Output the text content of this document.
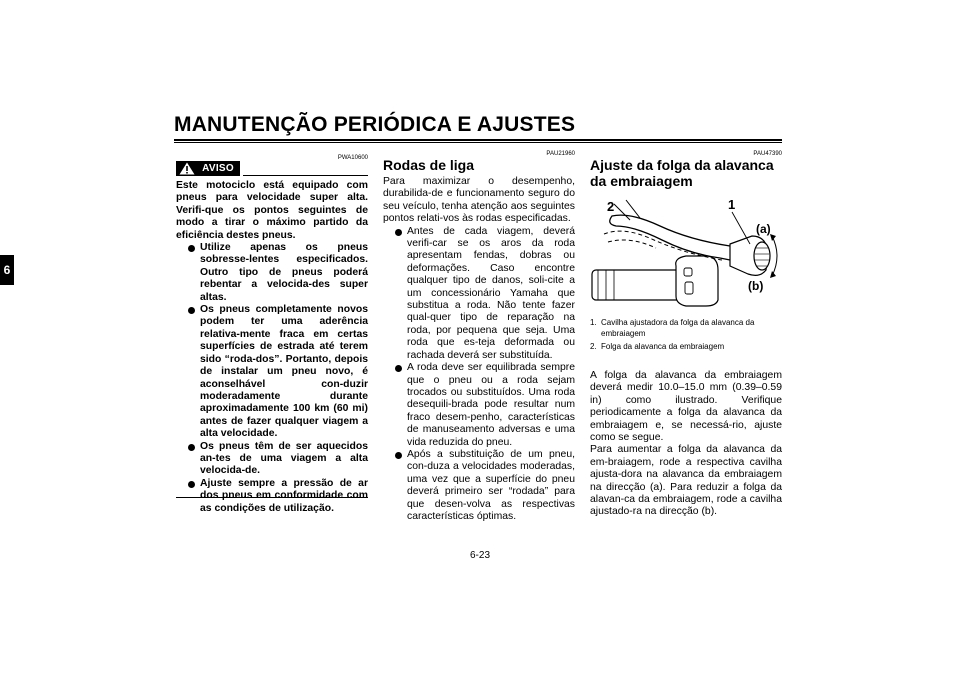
MANUTENÇÃO PERIÓDICA E AJUSTES
6
PWA10600
AVISO

Este motociclo está equipado com pneus para velocidade super alta. Verifi-que os pontos seguintes de modo a tirar o máximo partido da eficiência destes pneus.

Utilize apenas os pneus sobresse-lentes especificados. Outro tipo de pneus poderá rebentar a velocida-des super altas.
Os pneus completamente novos podem ter uma aderência relativa-mente fraca em certas superfícies de estrada até terem sido “roda-dos”. Portanto, depois de instalar um pneu novo, é aconselhável con-duzir moderadamente durante aproximadamente 100 km (60 mi) antes de fazer qualquer viagem a alta velocidade.
Os pneus têm de ser aquecidos an-tes de uma viagem a alta velocida-de.
Ajuste sempre a pressão de ar dos pneus em conformidade com as condições de utilização.
PAU21960
Rodas de liga

Para maximizar o desempenho, durabilida-de e funcionamento seguro do seu veículo, tenha atenção aos seguintes pontos relati-vos às rodas especificadas.

Antes de cada viagem, deverá verifi-car se os aros da roda apresentam fendas, dobras ou deformações. Caso encontre qualquer tipo de danos, soli-cite a um concessionário Yamaha que substitua a roda. Não tente fazer qual-quer tipo de reparação na roda, por pequena que seja. Uma roda que es-teja deformada ou rachada deverá ser substituída.
A roda deve ser equilibrada sempre que o pneu ou a roda sejam trocados ou substituídos. Uma roda desequili-brada pode resultar num fraco desem-penho, características de manuseamento adversas e uma vida reduzida do pneu.
Após a substituição de um pneu, con-duza a velocidades moderadas, uma vez que a superfície do pneu deverá primeiro ser “rodada” para que desen-volva as respectivas características óptimas.
PAU47390
Ajuste da folga da alavanca da embraiagem
2	1
(a)
(b)
1. Cavilha ajustadora da folga da alavanca da embraiagem
2. Folga da alavanca da embraiagem

A folga da alavanca da embraiagem deverá medir 10.0–15.0 mm (0.39–0.59 in) como ilustrado. Verifique periodicamente a folga da alavanca da embraiagem e, se necessá-rio, ajuste como se segue.

Para aumentar a folga da alavanca da em-braiagem, rode a respectiva cavilha ajusta-dora na alavanca da embraiagem na direcção (a). Para reduzir a folga da alavan-ca da embraiagem, rode a cavilha ajustado-ra na direcção (b).

6-23
